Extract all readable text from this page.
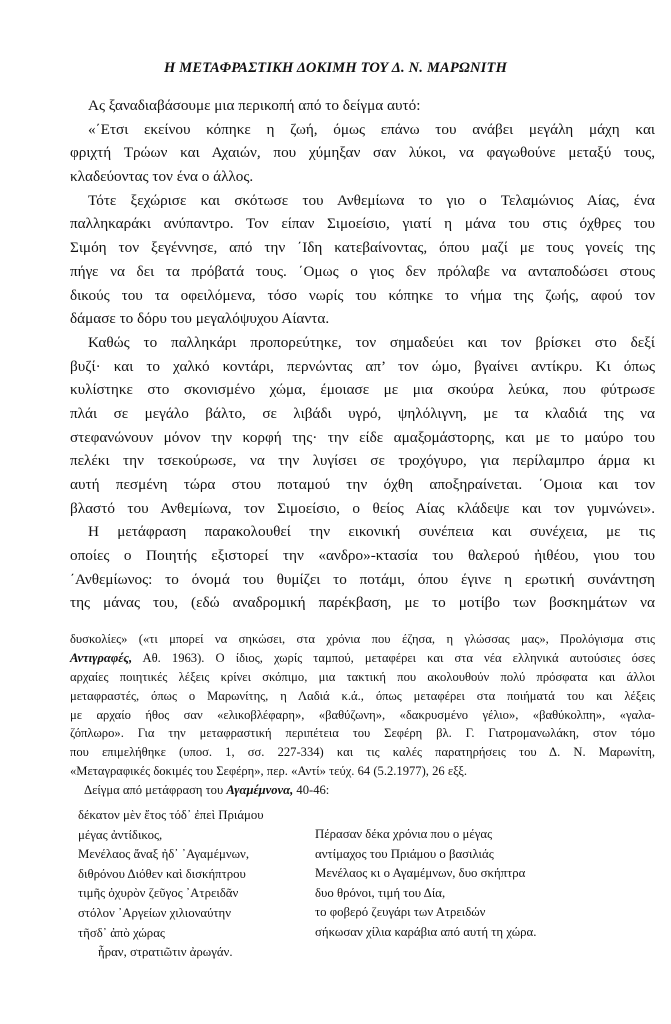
Η ΜΕΤΑΦΡΑΣΤΙΚΗ ΔΟΚΙΜΗ ΤΟΥ Δ. Ν. ΜΑΡΩΝΙΤΗ
Ας ξαναδιαβάσουμε μια περικοπή από το δείγμα αυτό:
«΄Ετσι εκείνου κόπηκε η ζωή, όμως επάνω του ανάβει μεγάλη μάχη και
φριχτή Τρώων και Αχαιών, που χύμηξαν σαν λύκοι, να φαγωθούνε μεταξύ τους,
κλαδεύοντας τον ένα ο άλλος.
Τότε ξεχώρισε και σκότωσε του Ανθεμίωνα το γιο ο Τελαμώνιος Αίας, ένα
παλληκαράκι ανύπαντρο. Τον είπαν Σιμοείσιο, γιατί η μάνα του στις όχθρες του
Σιμόη τον ξεγέννησε, από την ΄Ιδη κατεβαίνοντας, όπου μαζί με τους γονείς της
πήγε να δει τα πρόβατά τους. ΄Ομως ο γιος δεν πρόλαβε να ανταποδώσει στους
δικούς του τα οφειλόμενα, τόσο νωρίς του κόπηκε το νήμα της ζωής, αφού τον
δάμασε το δόρυ του μεγαλόψυχου Αίαντα.
Καθώς το παλληκάρι προπορεύτηκε, τον σημαδεύει και τον βρίσκει στο δεξί
βυζί· και το χαλκό κοντάρι, περνώντας απ’ τον ώμο, βγαίνει αντίκρυ. Κι όπως
κυλίστηκε στο σκονισμένο χώμα, έμοιασε με μια σκούρα λεύκα, που φύτρωσε
πλάι σε μεγάλο βάλτο, σε λιβάδι υγρό, ψηλόλιγνη, με τα κλαδιά της να
στεφανώνουν μόνον την κορφή της· την είδε αμαξομάστορης, και με το μαύρο του
πελέκι την τσεκούρωσε, να την λυγίσει σε τροχόγυρο, για περίλαμπρο άρμα κι
αυτή πεσμένη τώρα στου ποταμού την όχθη αποξηραίνεται. ΄Ομοια και τον
βλαστό του Ανθεμίωνα, τον Σιμοείσιο, ο θείος Αίας κλάδεψε και τον γυμνώνει».
Η μετάφραση παρακολουθεί την εικονική συνέπεια και συνέχεια, με τις
οποίες ο Ποιητής εξιστορεί την «ανδρο»-κτασία του θαλερού ἠιθέου, γιου του
΄Ανθεμίωνος: το όνομά του θυμίζει το ποτάμι, όπου έγινε η ερωτική συνάντηση
της μάνας του, (εδώ αναδρομική παρέκβαση, με το μοτίβο των βοσκημάτων να
δυσκολίες» («τι μπορεί να σηκώσει, στα χρόνια που έζησα, η γλώσσας μας», Προλόγισμα στις
Αντιγραφές, Αθ. 1963). Ο ίδιος, χωρίς ταμπού, μεταφέρει και στα νέα ελληνικά αυτούσιες όσες
αρχαίες ποιητικές λέξεις κρίνει σκόπιμο, μια τακτική που ακολουθούν πολύ πρόσφατα και άλλοι
μεταφραστές, όπως ο Μαρωνίτης, η Λαδιά κ.ά., όπως μεταφέρει στα ποιήματά του και λέξεις
με αρχαίο ήθος σαν «ελικοβλέφαρη», «βαθύζωνη», «δακρυσμένο γέλιο», «βαθύκολπη», «γαλα-
ζόπλωρο». Για την μεταφραστική περιπέτεια του Σεφέρη βλ. Γ. Γιατρομανωλάκη, στον τόμο
που επιμελήθηκε (υποσ. 1, σσ. 227-334) και τις καλές παρατηρήσεις του Δ. Ν. Μαρωνίτη,
«Μεταγραφικές δοκιμές του Σεφέρη», περ. «Αντί» τεύχ. 64 (5.2.1977), 26 εξξ.
Δείγμα από μετάφραση του Αγαμέμνονα, 40-46:
δέκατον μὲν ἔτος τόδ᾽ ἐπεὶ Πριάμου
μέγας ἀντίδικος,
Μενέλαος ἄναξ ἠδ᾽ ᾽Αγαμέμνων,
διθρόνου Διόθεν καὶ δισκήπτρου
τιμῆς ὀχυρὸν ζεῦγος ᾽Ατρειδᾶν
στόλον ᾽Αργείων χιλιοναύτην
τῆσδ᾽ ἀπὸ χώρας
ἦραν, στρατιῶτιν ἀρωγάν.
Πέρασαν δέκα χρόνια που ο μέγας
αντίμαχος του Πριάμου ο βασιλιάς
Μενέλαος κι ο Αγαμέμνων, δυο σκήπτρα
δυο θρόνοι, τιμή του Δία,
το φοβερό ζευγάρι των Ατρειδών
σήκωσαν χίλια καράβια από αυτή τη χώρα.
